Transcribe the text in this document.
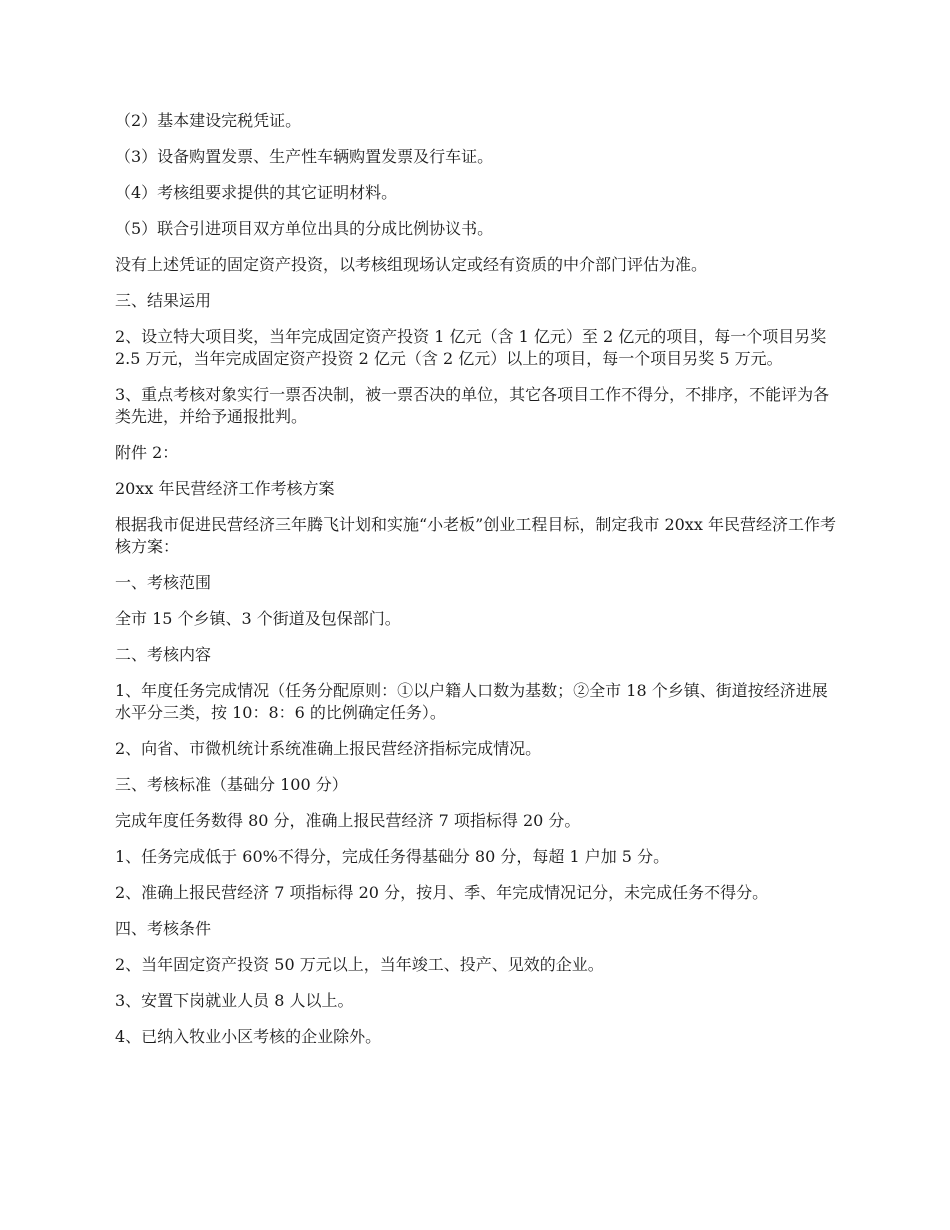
（2）基本建设完税凭证。

（3）设备购置发票、生产性车辆购置发票及行车证。

（4）考核组要求提供的其它证明材料。

（5）联合引进项目双方单位出具的分成比例协议书。

没有上述凭证的固定资产投资，以考核组现场认定或经有资质的中介部门评估为准。

三、结果运用

2、设立特大项目奖，当年完成固定资产投资 1 亿元（含 1 亿元）至 2 亿元的项目，每一个项目另奖 2.5 万元，当年完成固定资产投资 2 亿元（含 2 亿元）以上的项目，每一个项目另奖 5 万元。

3、重点考核对象实行一票否决制，被一票否决的单位，其它各项目工作不得分，不排序，不能评为各类先进，并给予通报批判。

附件 2：

20xx 年民营经济工作考核方案

根据我市促进民营经济三年腾飞计划和实施“小老板”创业工程目标，制定我市 20xx 年民营经济工作考核方案：

一、考核范围

全市 15 个乡镇、3 个街道及包保部门。

二、考核内容

1、年度任务完成情况（任务分配原则：①以户籍人口数为基数；②全市 18 个乡镇、街道按经济进展水平分三类，按 10：8：6 的比例确定任务）。

2、向省、市微机统计系统准确上报民营经济指标完成情况。

三、考核标准（基础分 100 分）

完成年度任务数得 80 分，准确上报民营经济 7 项指标得 20 分。

1、任务完成低于 60%不得分，完成任务得基础分 80 分，每超 1 户加 5 分。

2、准确上报民营经济 7 项指标得 20 分，按月、季、年完成情况记分，未完成任务不得分。

四、考核条件

2、当年固定资产投资 50 万元以上，当年竣工、投产、见效的企业。

3、安置下岗就业人员 8 人以上。

4、已纳入牧业小区考核的企业除外。
